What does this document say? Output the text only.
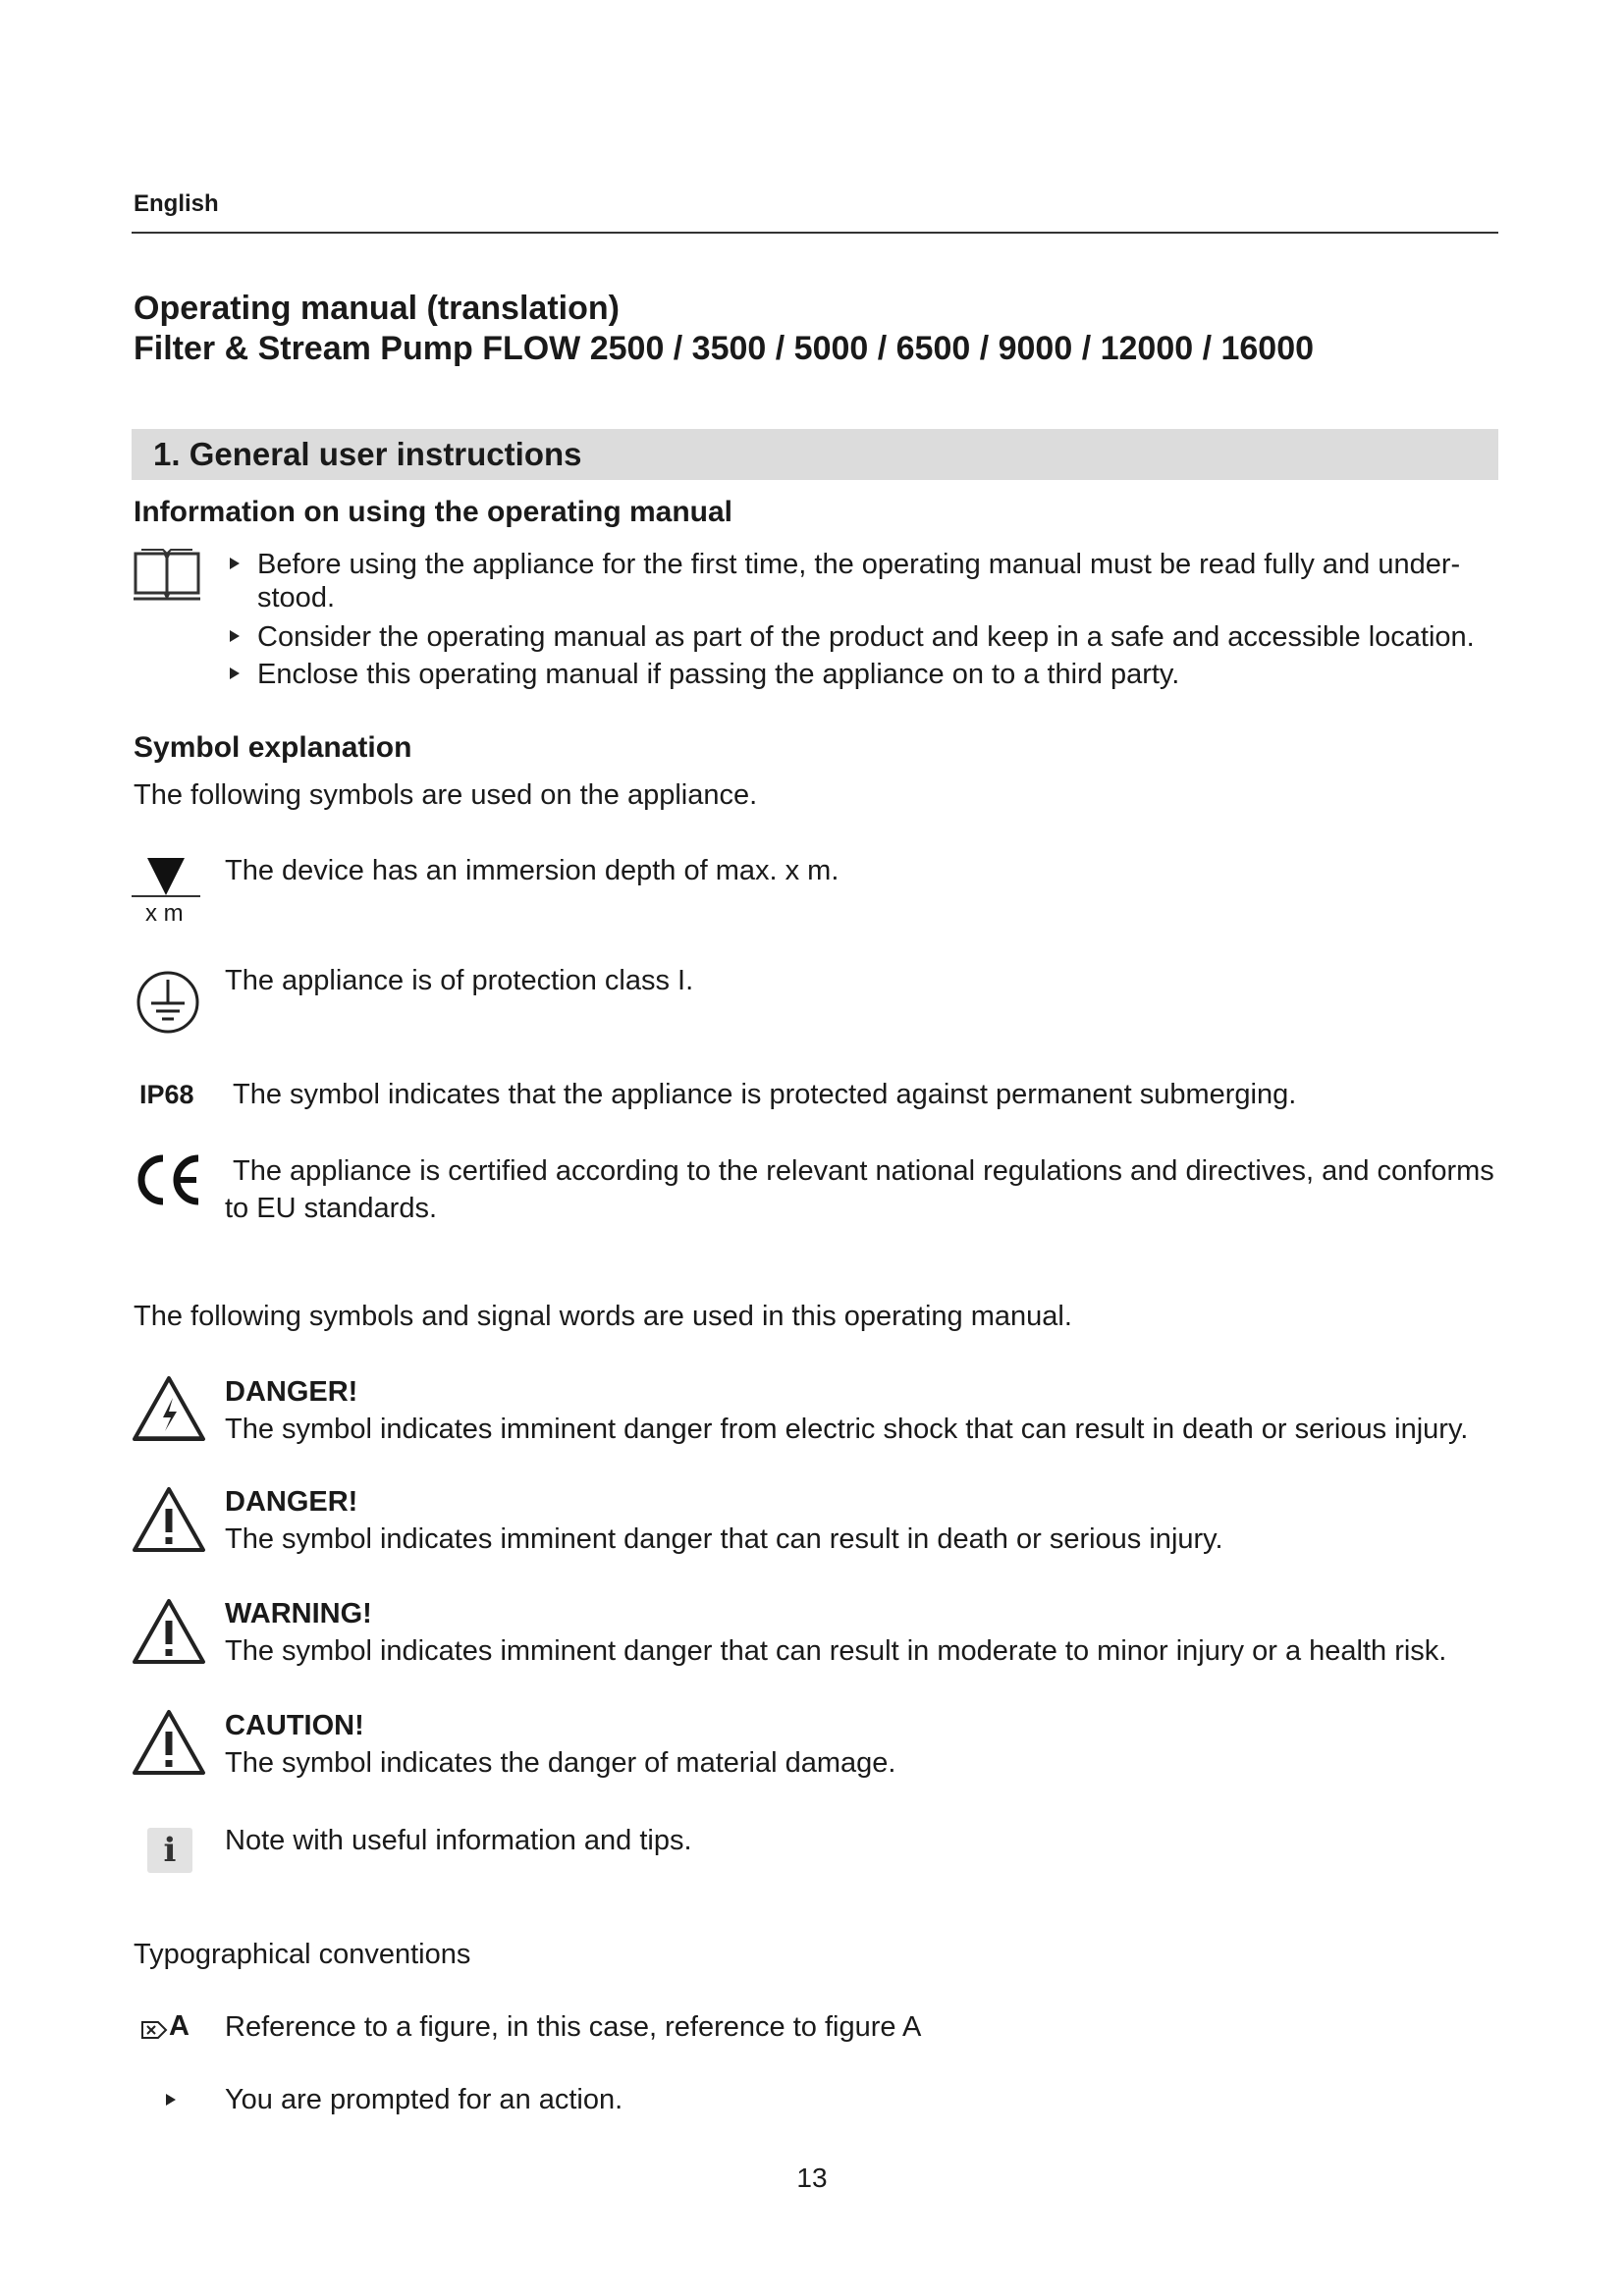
English
Operating manual (translation)
Filter & Stream Pump FLOW 2500 / 3500 / 5000 / 6500 / 9000 / 12000 / 16000
1. General user instructions
Information on using the operating manual
Before using the appliance for the first time, the operating manual must be read fully and under-
stood.
Consider the operating manual as part of the product and keep in a safe and accessible location.
Enclose this operating manual if passing the appliance on to a third party.
Symbol explanation
The following symbols are used on the appliance.
x m
The device has an immersion depth of max. x m.
The appliance is of protection class I.
IP68 The symbol indicates that the appliance is protected against permanent submerging.
The appliance is certified according to the relevant national regulations and directives, and conforms
to EU standards.
The following symbols and signal words are used in this operating manual.
DANGER!
The symbol indicates imminent danger from electric shock that can result in death or serious injury.
DANGER!
The symbol indicates imminent danger that can result in death or serious injury.
WARNING!
The symbol indicates imminent danger that can result in moderate to minor injury or a health risk.
CAUTION!
The symbol indicates the danger of material damage.
i	Note with useful information and tips.
Typographical conventions
A Reference to a figure, in this case, reference to figure A
You are prompted for an action.
13
